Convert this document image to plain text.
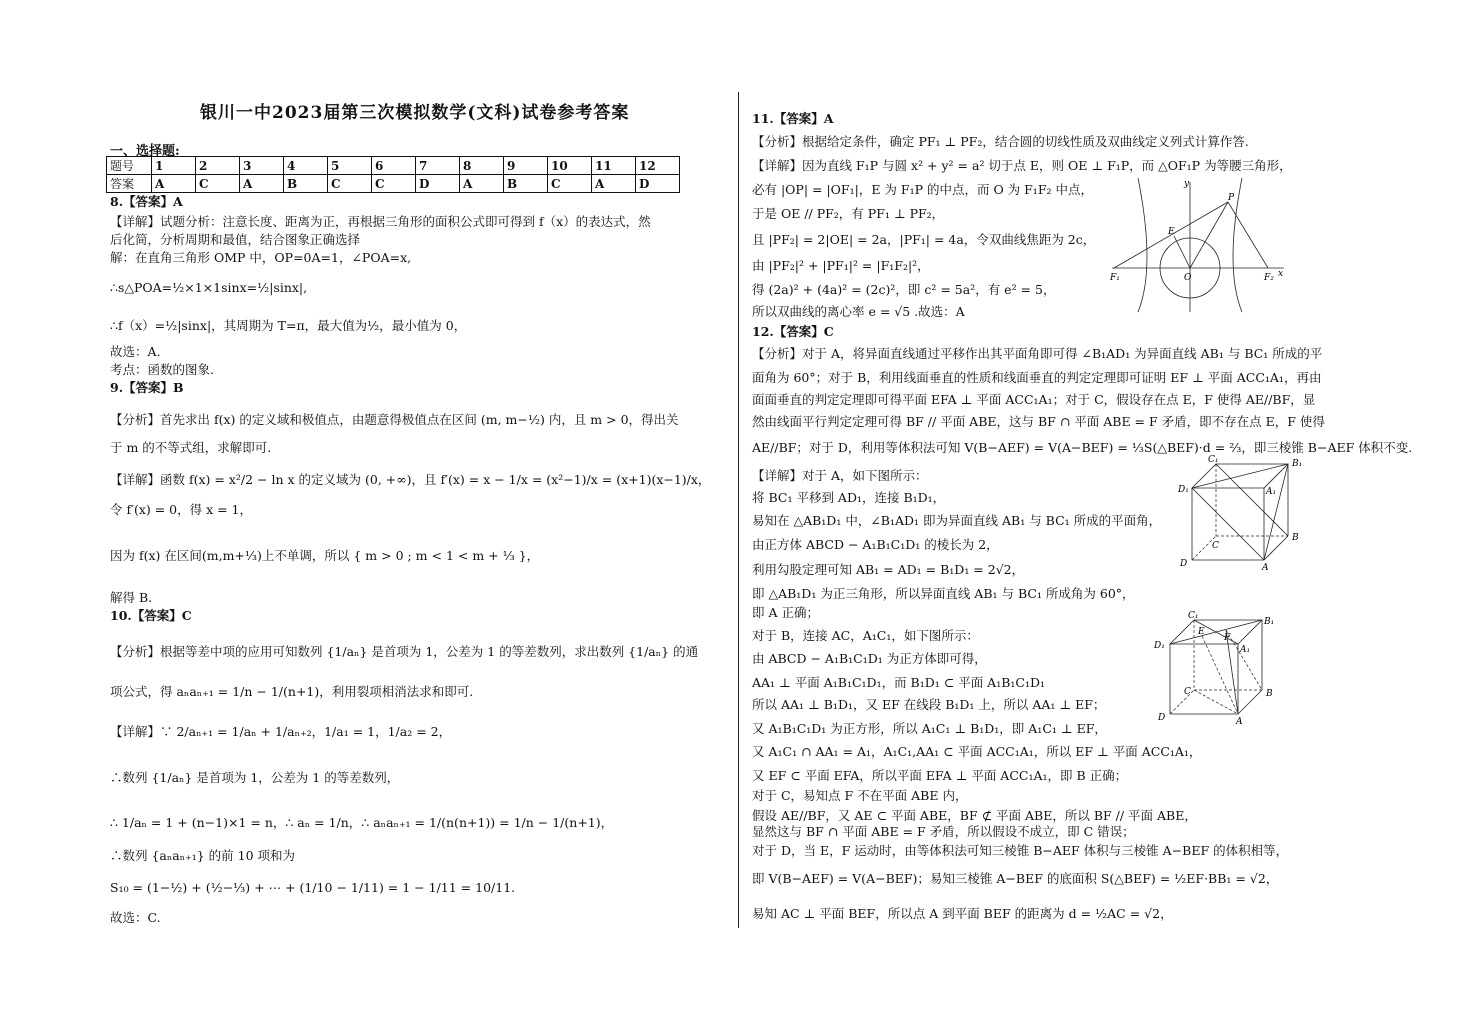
银川一中2023届第三次模拟数学(文科)试卷参考答案
一、选择题:
题号	1	2	3	4	5	6	7	8	9	10	11	12
答案	A	C	A	B	C	C	D	A	B	C	A	D
8.【答案】A
【详解】试题分析：注意长度、距离为正，再根据三角形的面积公式即可得到 f（x）的表达式，然
后化简，分析周期和最值，结合图象正确选择
解：在直角三角形 OMP 中，OP=0A=1，∠POA=x,
∴s△POA=½×1×1sinx=½|sinx|,
∴f（x）=½|sinx|，其周期为 T=π，最大值为½，最小值为 0，
故选：A.
考点：函数的图象.
9.【答案】B
【分析】首先求出 f(x) 的定义域和极值点，由题意得极值点在区间 (m, m−½) 内，且 m > 0，得出关
于 m 的不等式组，求解即可.
【详解】函数 f(x) = x²/2 − ln x 的定义域为 (0, +∞)，且 f′(x) = x − 1/x = (x²−1)/x = (x+1)(x−1)/x，
令 f′(x) = 0，得 x = 1，
因为 f(x) 在区间(m,m+⅓)上不单调，所以 { m > 0 ; m < 1 < m + ⅓ }，
解得 B.
10.【答案】C
【分析】根据等差中项的应用可知数列 {1/aₙ} 是首项为 1，公差为 1 的等差数列，求出数列 {1/aₙ} 的通
项公式，得 aₙaₙ₊₁ = 1/n − 1/(n+1)，利用裂项相消法求和即可.
【详解】∵ 2/aₙ₊₁ = 1/aₙ + 1/aₙ₊₂，1/a₁ = 1，1/a₂ = 2，
∴数列 {1/aₙ} 是首项为 1，公差为 1 的等差数列，
∴ 1/aₙ = 1 + (n−1)×1 = n，∴ aₙ = 1/n，∴ aₙaₙ₊₁ = 1/(n(n+1)) = 1/n − 1/(n+1)，
∴数列 {aₙaₙ₊₁} 的前 10 项和为
S₁₀ = (1−½) + (½−⅓) + ⋯ + (1/10 − 1/11) = 1 − 1/11 = 10/11.
故选：C.
11.【答案】A
【分析】根据给定条件，确定 PF₁ ⊥ PF₂，结合圆的切线性质及双曲线定义列式计算作答.
【详解】因为直线 F₁P 与圆 x² + y² = a² 切于点 E，则 OE ⊥ F₁P，而 △OF₁P 为等腰三角形，
必有 |OP| = |OF₁|，E 为 F₁P 的中点，而 O 为 F₁F₂ 中点，
于是 OE // PF₂，有 PF₁ ⊥ PF₂，
且 |PF₂| = 2|OE| = 2a，|PF₁| = 4a，令双曲线焦距为 2c，
由 |PF₂|² + |PF₁|² = |F₁F₂|²，
得 (2a)² + (4a)² = (2c)²，即 c² = 5a²，有 e² = 5，
所以双曲线的离心率 e = √5 .故选：A
12.【答案】C
【分析】对于 A，将异面直线通过平移作出其平面角即可得 ∠B₁AD₁ 为异面直线 AB₁ 与 BC₁ 所成的平
面角为 60°；对于 B，利用线面垂直的性质和线面垂直的判定定理即可证明 EF ⊥ 平面 ACC₁A₁，再由
面面垂直的判定定理即可得平面 EFA ⊥ 平面 ACC₁A₁；对于 C，假设存在点 E，F 使得 AE//BF，显
然由线面平行判定定理可得 BF // 平面 ABE，这与 BF ∩ 平面 ABE = F 矛盾，即不存在点 E，F 使得
AE//BF；对于 D，利用等体积法可知 V(B−AEF) = V(A−BEF) = ⅓S(△BEF)·d = ⅔，即三棱锥 B−AEF 体积不变.
【详解】对于 A，如下图所示：
将 BC₁ 平移到 AD₁，连接 B₁D₁，
易知在 △AB₁D₁ 中，∠B₁AD₁ 即为异面直线 AB₁ 与 BC₁ 所成的平面角，
由正方体 ABCD − A₁B₁C₁D₁ 的棱长为 2，
利用勾股定理可知 AB₁ = AD₁ = B₁D₁ = 2√2，
即 △AB₁D₁ 为正三角形，所以异面直线 AB₁ 与 BC₁ 所成角为 60°，
即 A 正确；
对于 B，连接 AC，A₁C₁，如下图所示：
由 ABCD − A₁B₁C₁D₁ 为正方体即可得，
AA₁ ⊥ 平面 A₁B₁C₁D₁，而 B₁D₁ ⊂ 平面 A₁B₁C₁D₁
所以 AA₁ ⊥ B₁D₁，又 EF 在线段 B₁D₁ 上，所以 AA₁ ⊥ EF；
又 A₁B₁C₁D₁ 为正方形，所以 A₁C₁ ⊥ B₁D₁，即 A₁C₁ ⊥ EF，
又 A₁C₁ ∩ AA₁ = A₁，A₁C₁,AA₁ ⊂ 平面 ACC₁A₁，所以 EF ⊥ 平面 ACC₁A₁，
又 EF ⊂ 平面 EFA，所以平面 EFA ⊥ 平面 ACC₁A₁，即 B 正确；
对于 C，易知点 F 不在平面 ABE 内，
假设 AE//BF，又 AE ⊂ 平面 ABE，BF ⊄ 平面 ABE，所以 BF // 平面 ABE，
显然这与 BF ∩ 平面 ABE = F 矛盾，所以假设不成立，即 C 错误；
对于 D，当 E，F 运动时，由等体积法可知三棱锥 B−AEF 体积与三棱锥 A−BEF 的体积相等，
即 V(B−AEF) = V(A−BEF)；易知三棱锥 A−BEF 的底面积 S(△BEF) = ½EF·BB₁ = √2，
易知 AC ⊥ 平面 BEF，所以点 A 到平面 BEF 的距离为 d = ½AC = √2，
y
P
E
F₁	O	F₂ x
C₁	B₁
D₁	A₁
C
B
D	A
C₁
E
F
B₁
D₁	A₁
C	B
D	A
